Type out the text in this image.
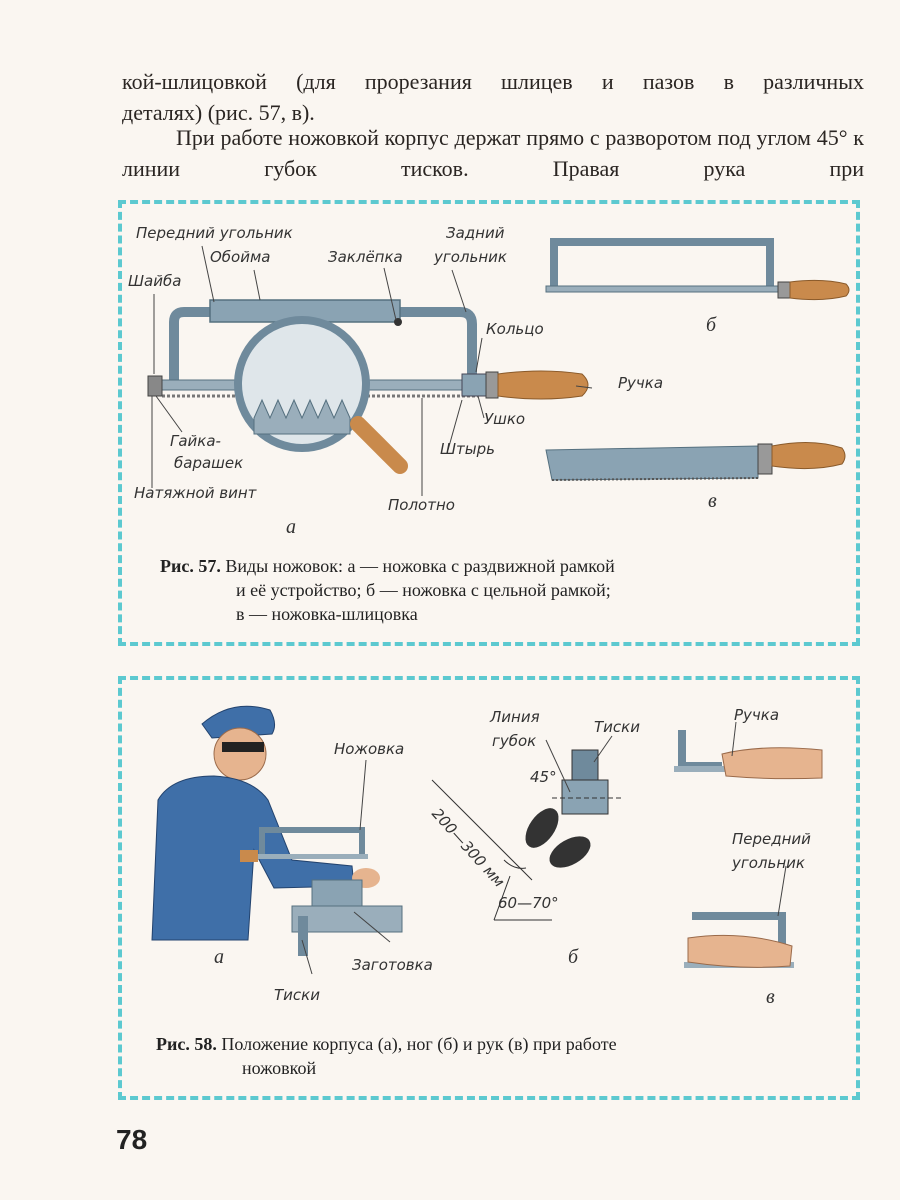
кой-шлицовкой (для прорезания шлицев и пазов в различных
деталях) (рис. 57, в).

При работе ножовкой корпус держат прямо с разворотом под углом 45° к линии губок тисков. Правая рука при

Передний угольник
Обойма	Заклёпка
Задний
угольник
Шайба
Кольцо
Ручка
Ушко
Гайка-
барашек
Штырь
Натяжной винт
Полотно
а
б
в
Рис. 57. Виды ножовок: а — ножовка с раздвижной рамкой
и её устройство; б — ножовка с цельной рамкой;
в — ножовка-шлицовка
Ножовка
Заготовка
Тиски
Линия
губок
Тиски
45°
200—300 мм
60—70°
Ручка
Передний
угольник
а	б
в
Рис. 58. Положение корпуса (а), ног (б) и рук (в) при работе
ножовкой
78
